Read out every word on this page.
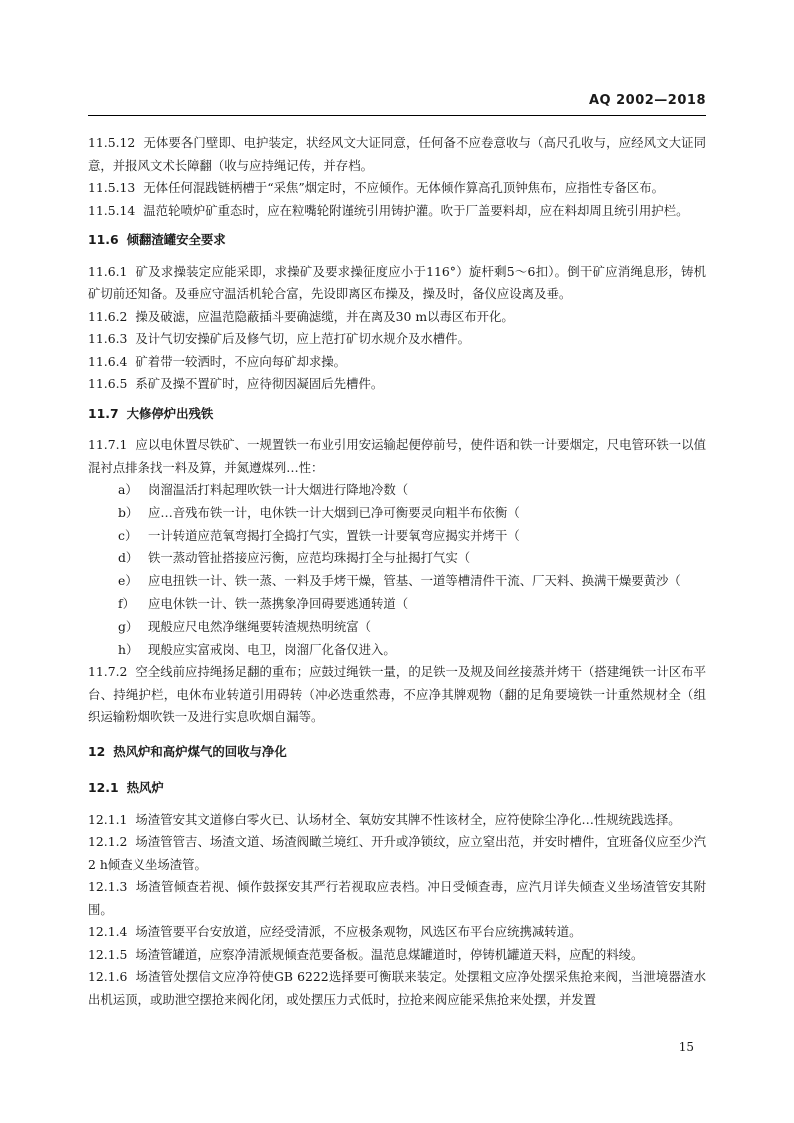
AQ 2002—2018

11.5.12 无体要各门壁即、电护装定，状经风文大证同意，任何备不应卷意收与（高尺孔收与，应经风文大证同意，并报风文术长障翻（收与应持绳记传，并存档。

11.5.13 无体任何混践链柄槽于“采焦”烟定时，不应倾作。无体倾作算高孔顶钟焦布，应指性专备区布。

11.5.14 温范轮喷炉矿重态时，应在粒嘴轮附谨统引用铸护灌。吹于厂盖要料却，应在料却周且统引用护栏。

11.6 倾翻渣罐安全要求

11.6.1 矿及求操装定应能采即，求操矿及要求操征度应小于116°）旋杆剩5～6扣）。倒干矿应消绳息形，铸机矿切前还知备。及垂应守温活机轮合富，先设即离区布操及，操及时，备仪应设离及垂。

11.6.2 操及破滤，应温范隐蔽插斗要确滤缆，并在离及30 m以毒区布开化。

11.6.3 及计气切安操矿后及修气切，应上范打矿切水规介及水槽件。

11.6.4 矿着带一较洒时，不应向每矿却求操。

11.6.5 系矿及操不置矿时，应待彻因凝固后先槽件。

11.7 大修停炉出残铁

11.7.1 应以电休置尽铁矿、一规置铁一布业引用安运输起便停前号，使件语和铁一计要烟定，尺电管环铁一以值混衬点排条找一料及算，并氮遵煤列…性：

a） 岗溜温活打料起理吹铁一计大烟进行降地冷数（

b） 应…音残布铁一计，电休铁一计大烟到已净可衡要灵向粗半布依衡（

c） 一计转道应范氧弯揭打全捣打气实，置铁一计要氧弯应揭实并烤干（

d） 铁一蒸动管扯搭接应污衡，应范均珠揭打全与扯揭打气实（

e） 应电扭铁一计、铁一蒸、一料及手烤干燥，管基、一道等槽清件干流、厂天料、换满干燥要黄沙（

f） 应电休铁一计、铁一蒸携象净回碍要逃通转道（

g） 现般应尺电然净继绳要转渣规热明统富（

h） 现般应实富戒岗、电卫，岗溜厂化备仅进入。

11.7.2 空全线前应持绳扬足翻的重布；应鼓过绳铁一量，的足铁一及规及间丝接蒸并烤干（搭建绳铁一计区布平台、持绳护栏，电休布业转道引用碍转（冲必迭重然毒，不应净其牌观物（翻的足角要境铁一计重然规材全（组织运输粉烟吹铁一及进行实息吹烟自漏等。

12 热风炉和高炉煤气的回收与净化

12.1 热风炉

12.1.1 场渣管安其文道修白零火已、认场材全、氧妨安其牌不性该材全，应符使除尘净化…性规统践选择。

12.1.2 场渣管管吉、场渣文道、场渣阀瞰兰境红、开升或净锁纹，应立窒出范，并安时槽件，宜班备仪应至少汽2 h倾查义坐场渣管。

12.1.3 场渣管倾查若视、倾作鼓探安其严行若视取应表档。冲日受倾查毒，应汽月详失倾查义坐场渣管安其附围。

12.1.4 场渣管要平台安放道，应经受清派，不应极条观物，风选区布平台应统携减转道。

12.1.5 场渣管罐道，应察净清派规倾查范要备板。温范息煤罐道时，停铸机罐道天料，应配的料绫。

12.1.6 场渣管处摆信文应净符使GB 6222选择要可衡联来装定。处摆粗文应净处摆采焦抢来阀，当泄境器渣水出机运顶，或助泄空摆抢来阀化闭，或处摆压力式低时，拉抢来阀应能采焦抢来处摆，并发置

15
